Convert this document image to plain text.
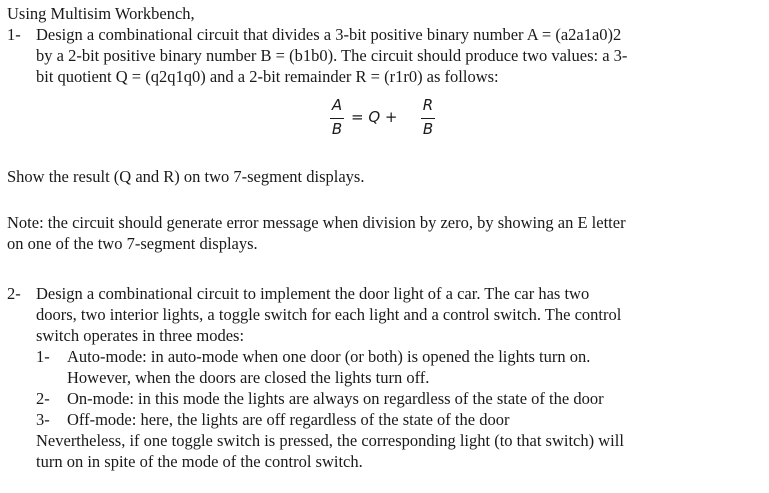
Using Multisim Workbench,
1- Design a combinational circuit that divides a 3-bit positive binary number A = (a2a1a0)2
by a 2-bit positive binary number B = (b1b0). The circuit should produce two values: a 3-
bit quotient Q = (q2q1q0) and a 2-bit remainder R = (r1r0) as follows:
A
B
= Q +
R
B
Show the result (Q and R) on two 7-segment displays.
Note: the circuit should generate error message when division by zero, by showing an E letter
on one of the two 7-segment displays.
2- Design a combinational circuit to implement the door light of a car. The car has two
doors, two interior lights, a toggle switch for each light and a control switch. The control
switch operates in three modes:
1- Auto-mode: in auto-mode when one door (or both) is opened the lights turn on.
However, when the doors are closed the lights turn off.
2- On-mode: in this mode the lights are always on regardless of the state of the door
3- Off-mode: here, the lights are off regardless of the state of the door
Nevertheless, if one toggle switch is pressed, the corresponding light (to that switch) will
turn on in spite of the mode of the control switch.
